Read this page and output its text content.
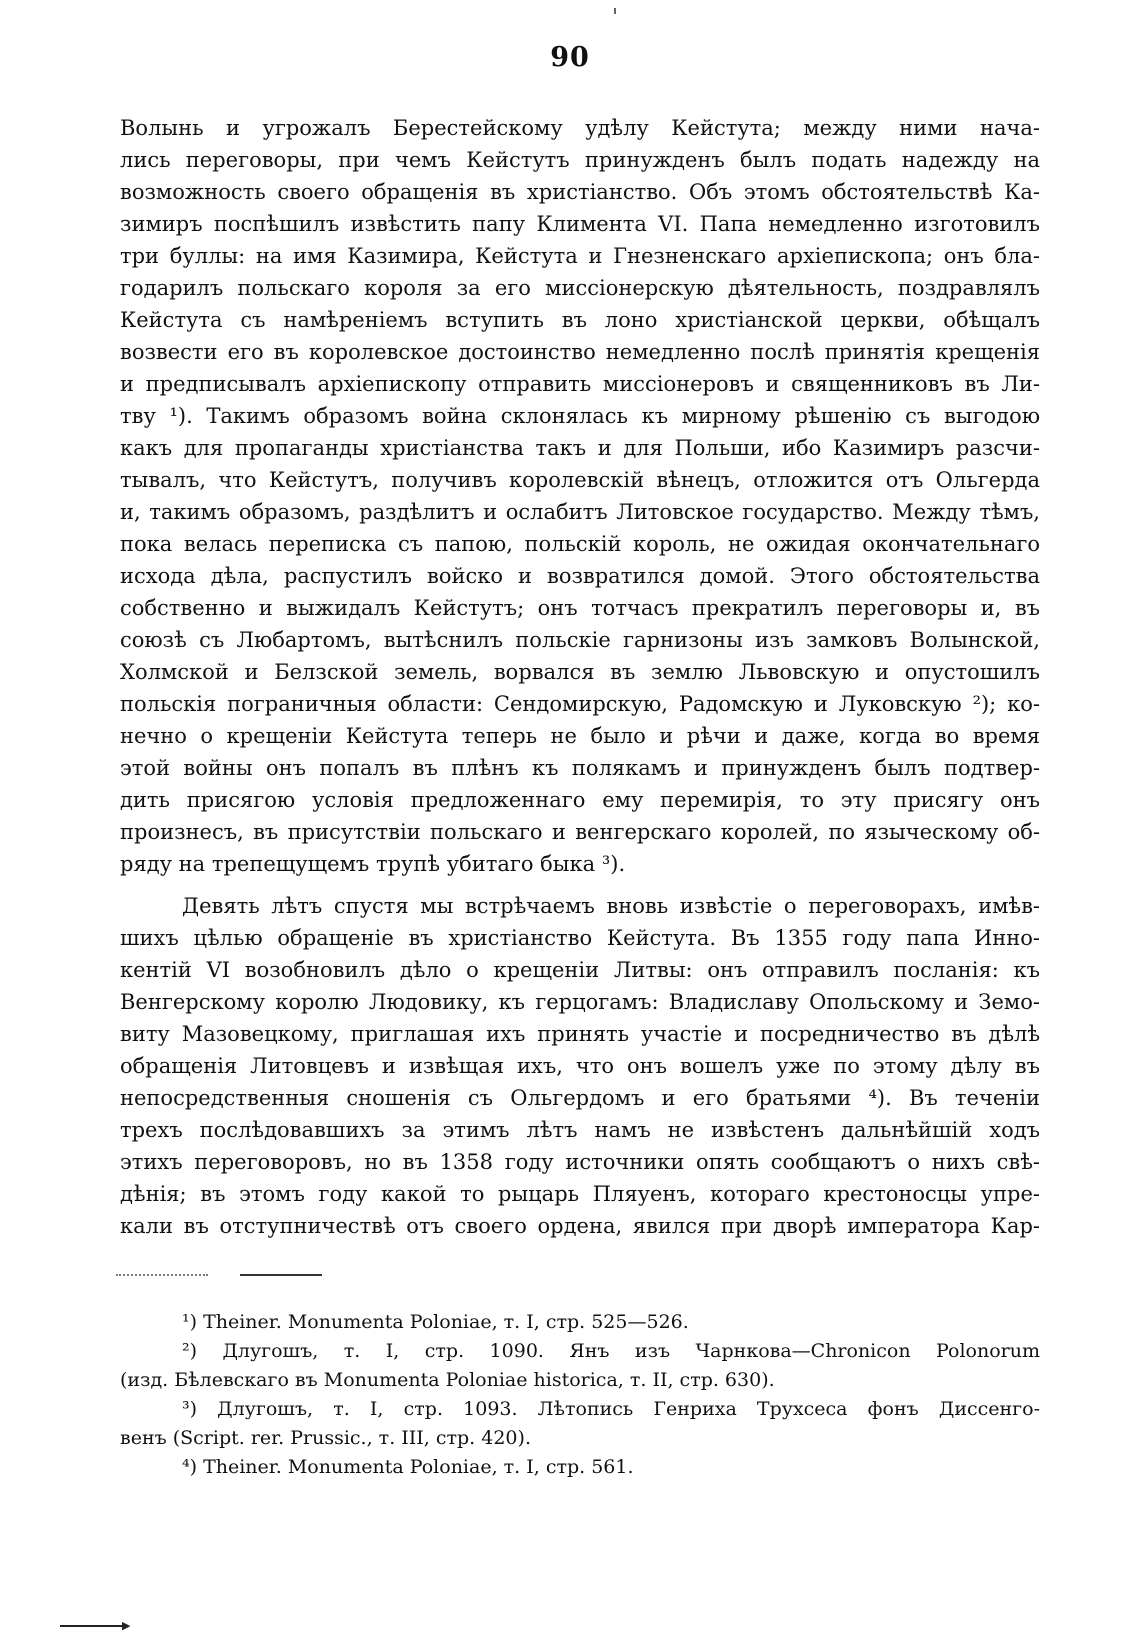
90

Волынь и угрожалъ Берестейскому удѣлу Кейстута; между ними нача-
лись переговоры, при чемъ Кейстутъ принужденъ былъ подать надежду на
возможность своего обращенія въ христіанство. Объ этомъ обстоятельствѣ Ка-
зимиръ поспѣшилъ извѣстить папу Климента VI. Папа немедленно изготовилъ
три буллы: на имя Казимира, Кейстута и Гнезненскаго архіепископа; онъ бла-
годарилъ польскаго короля за его миссіонерскую дѣятельность, поздравлялъ
Кейстута съ намѣреніемъ вступить въ лоно христіанской церкви, обѣщалъ
возвести его въ королевское достоинство немедленно послѣ принятія крещенія
и предписывалъ архіепископу отправить миссіонеровъ и священниковъ въ Ли-
тву ¹). Такимъ образомъ война склонялась къ мирному рѣшенію съ выгодою
какъ для пропаганды христіанства такъ и для Польши, ибо Казимиръ разсчи-
тывалъ, что Кейстутъ, получивъ королевскій вѣнецъ, отложится отъ Ольгерда
и, такимъ образомъ, раздѣлитъ и ослабитъ Литовское государство. Между тѣмъ,
пока велась переписка съ папою, польскій король, не ожидая окончательнаго
исхода дѣла, распустилъ войско и возвратился домой. Этого обстоятельства
собственно и выжидалъ Кейстутъ; онъ тотчасъ прекратилъ переговоры и, въ
союзѣ съ Любартомъ, вытѣснилъ польскіе гарнизоны изъ замковъ Волынской,
Холмской и Белзской земель, ворвался въ землю Львовскую и опустошилъ
польскія пограничныя области: Сендомирскую, Радомскую и Луковскую ²); ко-
нечно о крещеніи Кейстута теперь не было и рѣчи и даже, когда во время
этой войны онъ попалъ въ плѣнъ къ полякамъ и принужденъ былъ подтвер-
дить присягою условія предложеннаго ему перемирія, то эту присягу онъ
произнесъ, въ присутствіи польскаго и венгерскаго королей, по языческому об-
ряду на трепещущемъ трупѣ убитаго быка ³).

Девять лѣтъ спустя мы встрѣчаемъ вновь извѣстіе о переговорахъ, имѣв-
шихъ цѣлью обращеніе въ христіанство Кейстута. Въ 1355 году папа Инно-
кентій VI возобновилъ дѣло о крещеніи Литвы: онъ отправилъ посланія: къ
Венгерскому королю Людовику, къ герцогамъ: Владиславу Опольскому и Земо-
виту Мазовецкому, приглашая ихъ принять участіе и посредничество въ дѣлѣ
обращенія Литовцевъ и извѣщая ихъ, что онъ вошелъ уже по этому дѣлу въ
непосредственныя сношенія съ Ольгердомъ и его братьями ⁴). Въ теченіи
трехъ послѣдовавшихъ за этимъ лѣтъ намъ не извѣстенъ дальнѣйшій ходъ
этихъ переговоровъ, но въ 1358 году источники опять сообщаютъ о нихъ свѣ-
дѣнія; въ этомъ году какой то рыцарь Пляуенъ, котораго крестоносцы упре-
кали въ отступничествѣ отъ своего ордена, явился при дворѣ императора Кар-

¹) Theiner. Monumenta Poloniae, т. I, стр. 525—526.
²) Длугошъ, т. I, стр. 1090. Янъ изъ Чарнкова—Chronicon Polonorum
(изд. Бѣлевскаго въ Monumenta Poloniae historica, т. II, стр. 630).
³) Длугошъ, т. I, стр. 1093. Лѣтопись Генриха Трухсеса фонъ Диссенго-
венъ (Script. rer. Prussic., т. III, стр. 420).
⁴) Theiner. Monumenta Poloniae, т. I, стр. 561.
▶
